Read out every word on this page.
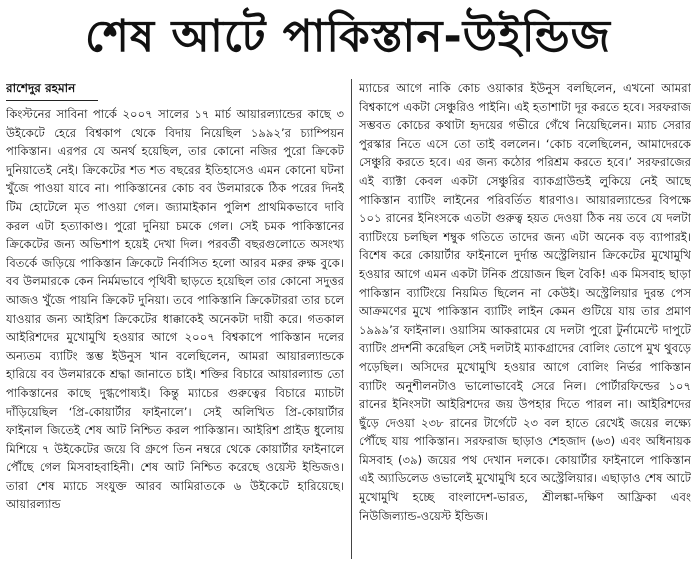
শেষ আটে পাকিস্তান-উইন্ডিজ
রাশেদুর রহমান

কিংস্টনের সাবিনা পার্কে ২০০৭ সালের ১৭ মার্চ আয়ারল্যান্ডের কাছে ৩ উইকেটে হেরে বিশ্বকাপ থেকে বিদায় নিয়েছিল ১৯৯২’র চ্যাম্পিয়ন পাকিস্তান। এরপর যে অনর্থ হয়েছিল, তার কোনো নজির পুরো ক্রিকেট দুনিয়াতেই নেই। ক্রিকেটের শত শত বছরের ইতিহাসেও এমন কোনো ঘটনা খুঁজে পাওয়া যাবে না। পাকিস্তানের কোচ বব উলমারকে ঠিক পরের দিনই টিম হোটেলে মৃত পাওয়া গেল। জ্যামাইকান পুলিশ প্রাথমিকভাবে দাবি করল এটা হত্যাকাণ্ড। পুরো দুনিয়া চমকে গেল। সেই চমক পাকিস্তানের ক্রিকেটের জন্য অভিশাপ হয়েই দেখা দিল। পরবর্তী বছরগুলোতে অসংখ্য বিতর্কে জড়িয়ে পাকিস্তান ক্রিকেটে নির্বাসিত হলো আরব মরুর রুক্ষ বুকে। বব উলমারকে কেন নির্মমভাবে পৃথিবী ছাড়তে হয়েছিল তার কোনো সদুত্তর আজও খুঁজে পায়নি ক্রিকেট দুনিয়া। তবে পাকিস্তানি ক্রিকেটাররা তার চলে যাওয়ার জন্য আইরিশ ক্রিকেটের ধাক্কাকেই অনেকটা দায়ী করে। গতকাল আইরিশদের মুখোমুখি হওয়ার আগে ২০০৭ বিশ্বকাপে পাকিস্তান দলের অন্যতম ব্যাটিং স্তম্ভ ইউনুস খান বলেছিলেন, আমরা আয়ারল্যান্ডকে হারিয়ে বব উলমারকে শ্রদ্ধা জানাতে চাই। শক্তির বিচারে আয়ারল্যান্ড তো পাকিস্তানের কাছে দুগ্ধপোষ্যই। কিন্তু ম্যাচের গুরুত্বের বিচারে ম্যাচটা দাঁড়িয়েছিল ‘প্রি-কোয়ার্টার ফাইনালে’। সেই অলিখিত প্রি-কোয়ার্টার ফাইনাল জিতেই শেষ আট নিশ্চিত করল পাকিস্তান। আইরিশ প্রাইড ধুলোয় মিশিয়ে ৭ উইকেটের জয়ে বি গ্রুপে তিন নম্বরে থেকে কোয়ার্টার ফাইনালে পৌঁছে গেল মিসবাহবাহিনী। শেষ আট নিশ্চিত করেছে ওয়েস্ট ইন্ডিজও। তারা শেষ ম্যাচে সংযুক্ত আরব আমিরাতকে ৬ উইকেটে হারিয়েছে। আয়ারল্যান্ড

ম্যাচের আগে নাকি কোচ ওয়াকার ইউনুস বলছিলেন, এখনো আমরা বিশ্বকাপে একটা সেঞ্চুরিও পাইনি। এই হতাশাটা দূর করতে হবে। সরফরাজ সম্ভবত কোচের কথাটা হৃদয়ের গভীরে গেঁথে নিয়েছিলেন। ম্যাচ সেরার পুরস্কার নিতে এসে তো তাই বললেন। ‘কোচ বলেছিলেন, আমাদেরকে সেঞ্চুরি করতে হবে। এর জন্য কঠোর পরিশ্রম করতে হবে।’ সরফরাজের এই ব্যাক্টা কেবল একটা সেঞ্চুরির ব্যাকগ্রাউন্ডই লুকিয়ে নেই আছে পাকিস্তান ব্যাটিং লাইনের পরিবর্তিত ধারণাও। আয়ারল্যান্ডের বিপক্ষে ১০১ রানের ইনিংসকে এতটা গুরুত্ব হয়ত দেওয়া ঠিক নয় তবে যে দলটা ব্যাটিংয়ে চলছিল শম্বুক গতিতে তাদের জন্য এটা অনেক বড় ব্যাপারই। বিশেষ করে কোয়ার্টার ফাইনালে দুর্দান্ত অস্ট্রেলিয়ান ক্রিকেটের মুখোমুখি হওয়ার আগে এমন একটা টনিক প্রয়োজন ছিল বৈকি! এক মিসবাহ ছাড়া পাকিস্তান ব্যাটিংয়ে নিয়মিত ছিলেন না কেউই। অস্ট্রেলিয়ার দুরন্ত পেস আক্রমণের মুখে পাকিস্তান ব্যাটিং লাইন কেমন গুটিয়ে যায় তার প্রমাণ ১৯৯৯’র ফাইনাল। ওয়াসিম আকরামের যে দলটা পুরো টুর্নামেন্টে দাপুটে ব্যাটিং প্রদর্শনী করেছিল সেই দলটাই ম্যাকগ্রাদের বোলিং তোপে মুখ থুবড়ে পড়েছিল। অসিদের মুখোমুখি হওয়ার আগে বোলিং নির্ভর পাকিস্তান ব্যাটিং অনুশীলনটাও ভালোভাবেই সেরে নিল। পোর্টারফিল্ডের ১০৭ রানের ইনিংসটা আইরিশদের জয় উপহার দিতে পারল না। আইরিশদের ছুঁড়ে দেওয়া ২৩৮ রানের টার্গেটে ২৩ বল হাতে রেখেই জয়ের লক্ষ্যে পৌঁছে যায় পাকিস্তান। সরফরাজ ছাড়াও শেহজাদ (৬৩) এবং অধিনায়ক মিসবাহ (৩৯) জয়ের পথ দেখান দলকে। কোয়ার্টার ফাইনালে পাকিস্তান এই অ্যাডিলেড ওভালেই মুখোমুখি হবে অস্ট্রেলিয়ার। এছাড়াও শেষ আটে মুখোমুখি হচ্ছে বাংলাদেশ-ভারত, শ্রীলঙ্কা-দক্ষিণ আফ্রিকা এবং নিউজিল্যান্ড-ওয়েস্ট ইন্ডিজ।
